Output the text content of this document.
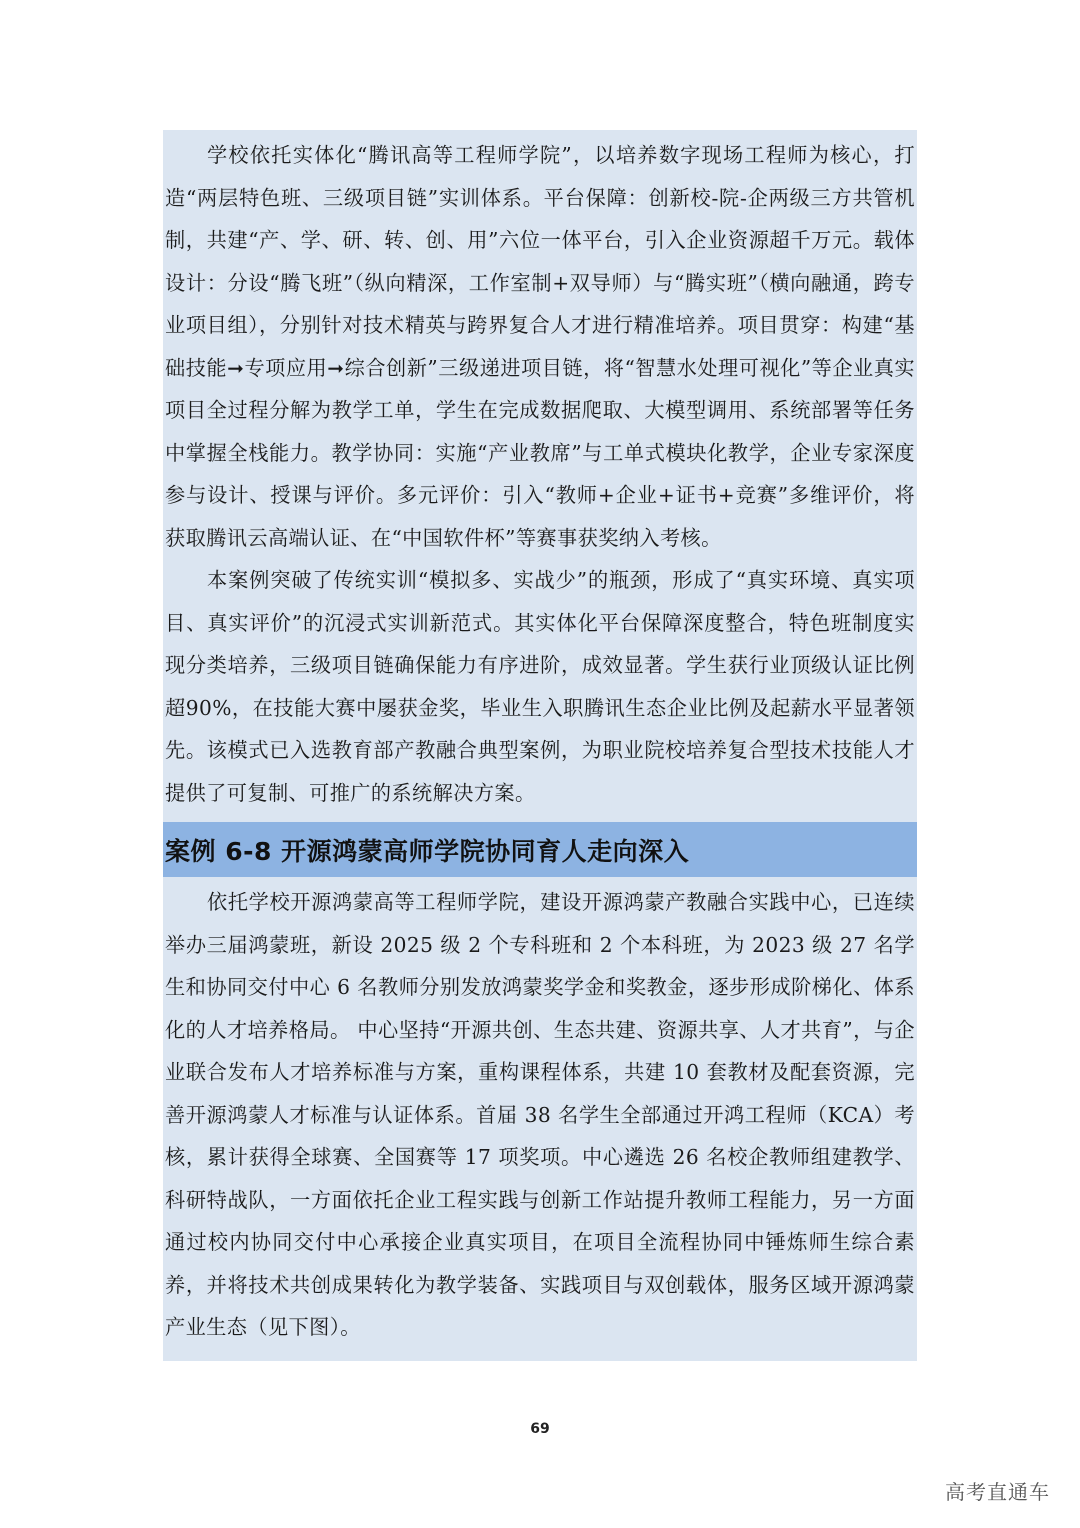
学校依托实体化“腾讯高等工程师学院”，以培养数字现场工程师为核心，打造“两层特色班、三级项目链”实训体系。平台保障：创新校-院-企两级三方共管机制，共建“产、学、研、转、创、用”六位一体平台，引入企业资源超千万元。载体设计：分设“腾飞班”（纵向精深，工作室制+双导师）与“腾实班”（横向融通，跨专业项目组），分别针对技术精英与跨界复合人才进行精准培养。项目贯穿：构建“基础技能➞专项应用➞综合创新”三级递进项目链，将“智慧水处理可视化”等企业真实项目全过程分解为教学工单，学生在完成数据爬取、大模型调用、系统部署等任务中掌握全栈能力。教学协同：实施“产业教席”与工单式模块化教学，企业专家深度参与设计、授课与评价。多元评价：引入“教师+企业+证书+竞赛”多维评价，将获取腾讯云高端认证、在“中国软件杯”等赛事获奖纳入考核。

本案例突破了传统实训“模拟多、实战少”的瓶颈，形成了“真实环境、真实项目、真实评价”的沉浸式实训新范式。其实体化平台保障深度整合，特色班制度实现分类培养，三级项目链确保能力有序进阶，成效显著。学生获行业顶级认证比例超90%，在技能大赛中屡获金奖，毕业生入职腾讯生态企业比例及起薪水平显著领先。该模式已入选教育部产教融合典型案例，为职业院校培养复合型技术技能人才提供了可复制、可推广的系统解决方案。

案例 6-8 开源鸿蒙高师学院协同育人走向深入

依托学校开源鸿蒙高等工程师学院，建设开源鸿蒙产教融合实践中心，已连续举办三届鸿蒙班，新设 2025 级 2 个专科班和 2 个本科班，为 2023 级 27 名学生和协同交付中心 6 名教师分别发放鸿蒙奖学金和奖教金，逐步形成阶梯化、体系化的人才培养格局。 中心坚持“开源共创、生态共建、资源共享、人才共育”，与企业联合发布人才培养标准与方案，重构课程体系，共建 10 套教材及配套资源，完善开源鸿蒙人才标准与认证体系。首届 38 名学生全部通过开鸿工程师（KCA）考核，累计获得全球赛、全国赛等 17 项奖项。中心遴选 26 名校企教师组建教学、科研特战队，一方面依托企业工程实践与创新工作站提升教师工程能力，另一方面通过校内协同交付中心承接企业真实项目，在项目全流程协同中锤炼师生综合素养，并将技术共创成果转化为教学装备、实践项目与双创载体，服务区域开源鸿蒙产业生态（见下图）。

69
高考直通车
